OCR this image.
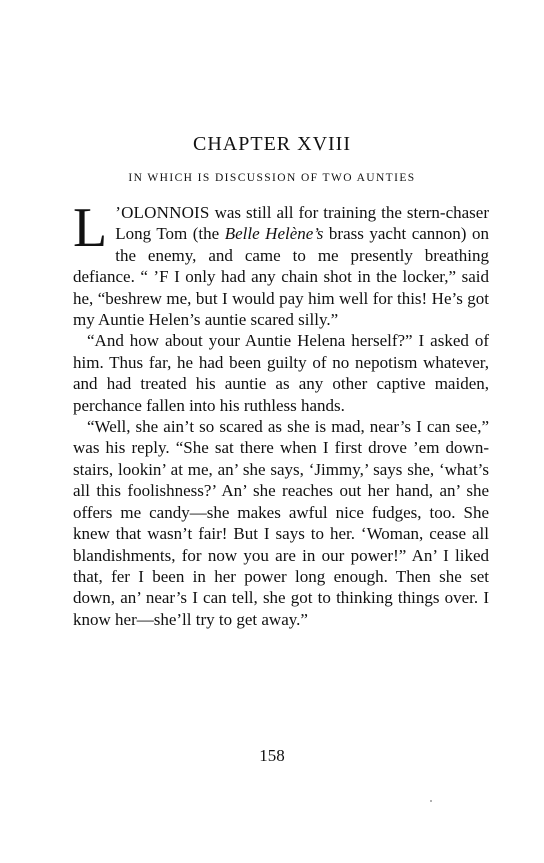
CHAPTER XVIII
IN WHICH IS DISCUSSION OF TWO AUNTIES

L ’OLONNOIS was still all for training the stern-chaser Long Tom (the Belle Helène’s brass yacht cannon) on the enemy, and came to me presently breathing defiance. “ ’F I only had any chain shot in the locker,” said he, “beshrew me, but I would pay him well for this! He’s got my Auntie Helen’s auntie scared silly.”

“And how about your Auntie Helena herself?” I asked of him. Thus far, he had been guilty of no nepotism whatever, and had treated his auntie as any other captive maiden, perchance fallen into his ruthless hands.

“Well, she ain’t so scared as she is mad, near’s I can see,” was his reply. “She sat there when I first drove ’em down-stairs, lookin’ at me, an’ she says, ‘Jimmy,’ says she, ‘what’s all this foolishness?’ An’ she reaches out her hand, an’ she offers me candy—she makes awful nice fudges, too. She knew that wasn’t fair! But I says to her. ‘Woman, cease all blandishments, for now you are in our power!” An’ I liked that, fer I been in her power long enough. Then she set down, an’ near’s I can tell, she got to thinking things over. I know her—she’ll try to get away.”

158
